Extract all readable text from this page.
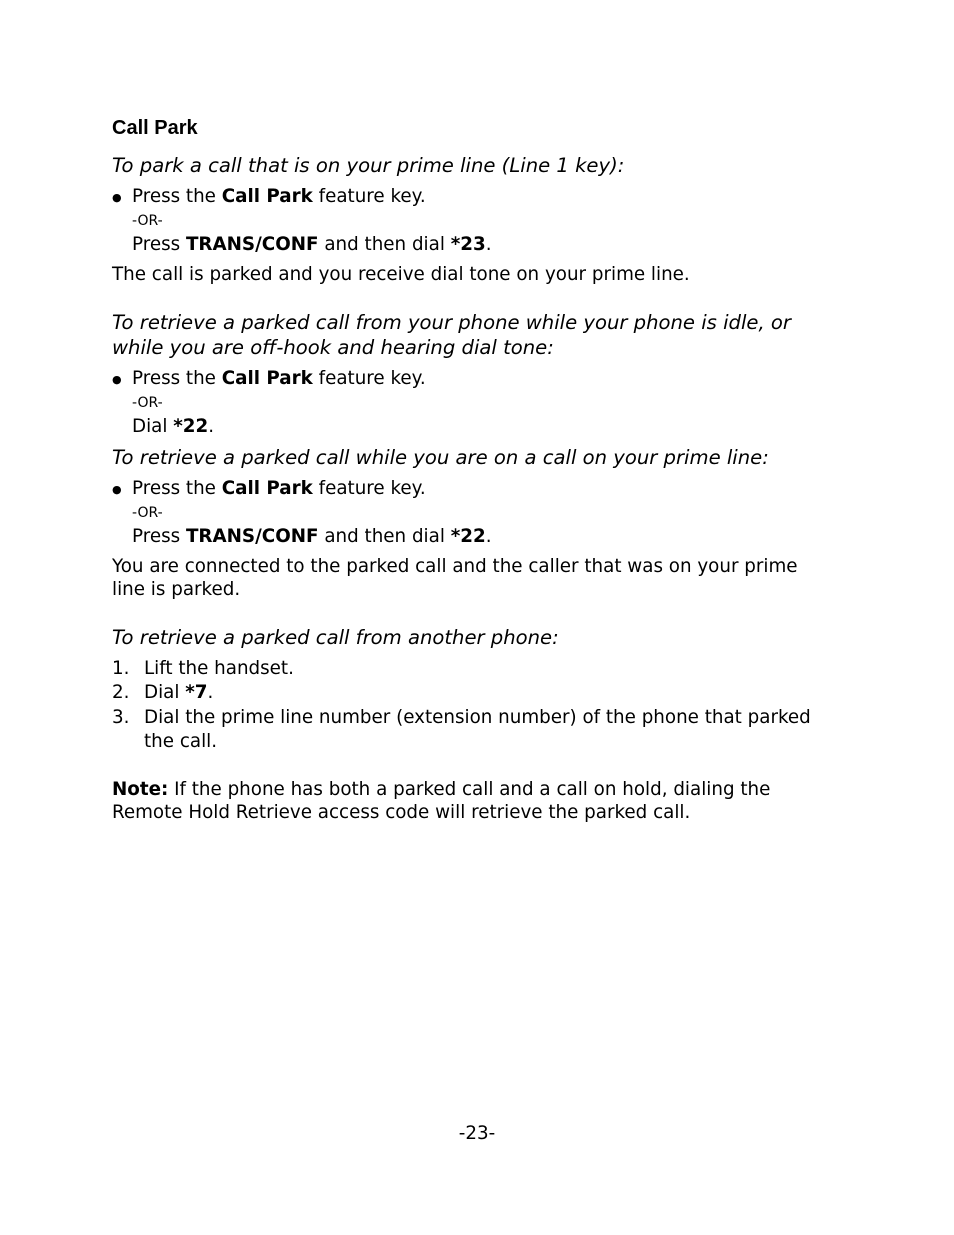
Call Park
To park a call that is on your prime line (Line 1 key):
● Press the Call Park feature key.
-OR-
Press TRANS/CONF and then dial *23.
The call is parked and you receive dial tone on your prime line.
To retrieve a parked call from your phone while your phone is idle, or
while you are off-hook and hearing dial tone:
● Press the Call Park feature key.
-OR-
Dial *22.
To retrieve a parked call while you are on a call on your prime line:
● Press the Call Park feature key.
-OR-
Press TRANS/CONF and then dial *22.
You are connected to the parked call and the caller that was on your prime
line is parked.
To retrieve a parked call from another phone:
1. Lift the handset.
2. Dial *7.
3. Dial the prime line number (extension number) of the phone that parked
the call.
Note: If the phone has both a parked call and a call on hold, dialing the
Remote Hold Retrieve access code will retrieve the parked call.
-23-
